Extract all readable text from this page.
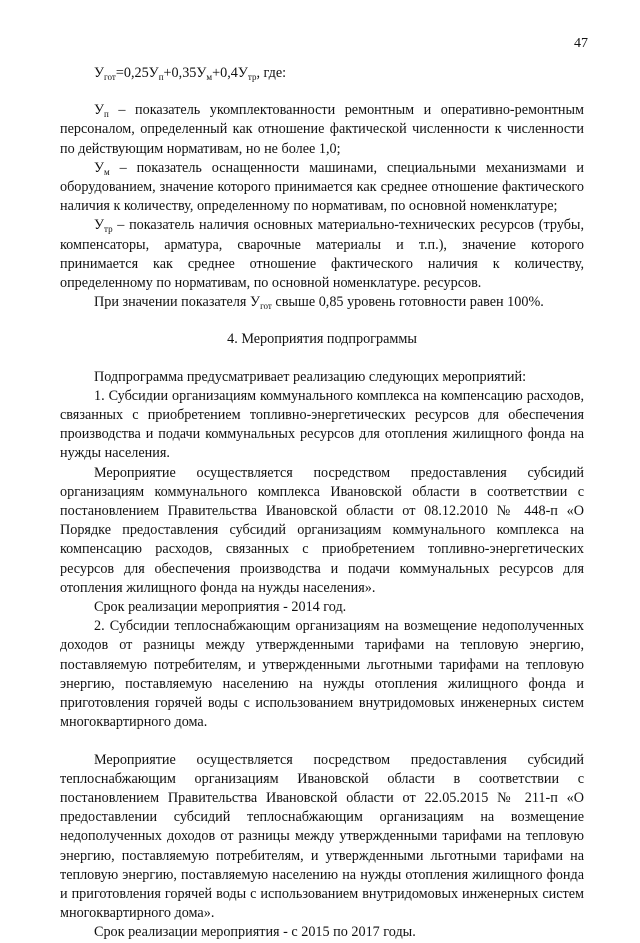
47

$У_{гот}=0,25У_п+0,35У_м+0,4У_{тр}$, где:

$У_п$ – показатель укомплектованности ремонтным и оперативно-ремонтным персоналом, определенный как отношение фактической численности к численности по действующим нормативам, но не более 1,0;

$У_м$ – показатель оснащенности машинами, специальными механизмами и оборудованием, значение которого принимается как среднее отношение фактического наличия к количеству, определенному по нормативам, по основной номенклатуре;

$У_{тр}$ – показатель наличия основных материально-технических ресурсов (трубы, компенсаторы, арматура, сварочные материалы и т.п.), значение которого принимается как среднее отношение фактического наличия к количеству, определенному по нормативам, по основной номенклатуре. ресурсов.

При значении показателя $У_{гот}$ свыше 0,85 уровень готовности равен 100%.

4. Мероприятия подпрограммы

Подпрограмма предусматривает реализацию следующих мероприятий:

1. Субсидии организациям коммунального комплекса на компенсацию расходов, связанных с приобретением топливно-энергетических ресурсов для обеспечения производства и подачи коммунальных ресурсов для отопления жилищного фонда на нужды населения.

Мероприятие осуществляется посредством предоставления субсидий организациям коммунального комплекса Ивановской области в соответствии с постановлением Правительства Ивановской области от 08.12.2010 № 448-п «О Порядке предоставления субсидий организациям коммунального комплекса на компенсацию расходов, связанных с приобретением топливно-энергетических ресурсов для обеспечения производства и подачи коммунальных ресурсов для отопления жилищного фонда на нужды населения».

Срок реализации мероприятия - 2014 год.

2. Субсидии теплоснабжающим организациям на возмещение недополученных доходов от разницы между утвержденными тарифами на тепловую энергию, поставляемую потребителям, и утвержденными льготными тарифами на тепловую энергию, поставляемую населению на нужды отопления жилищного фонда и приготовления горячей воды с использованием внутридомовых инженерных систем многоквартирного дома.

Мероприятие осуществляется посредством предоставления субсидий теплоснабжающим организациям Ивановской области в соответствии с постановлением Правительства Ивановской области от 22.05.2015 № 211-п «О предоставлении субсидий теплоснабжающим организациям на возмещение недополученных доходов от разницы между утвержденными тарифами на тепловую энергию, поставляемую потребителям, и утвержденными льготными тарифами на тепловую энергию, поставляемую населению на нужды отопления жилищного фонда и приготовления горячей воды с использованием внутридомовых инженерных систем многоквартирного дома».

Срок реализации мероприятия - с 2015 по 2017 годы.
